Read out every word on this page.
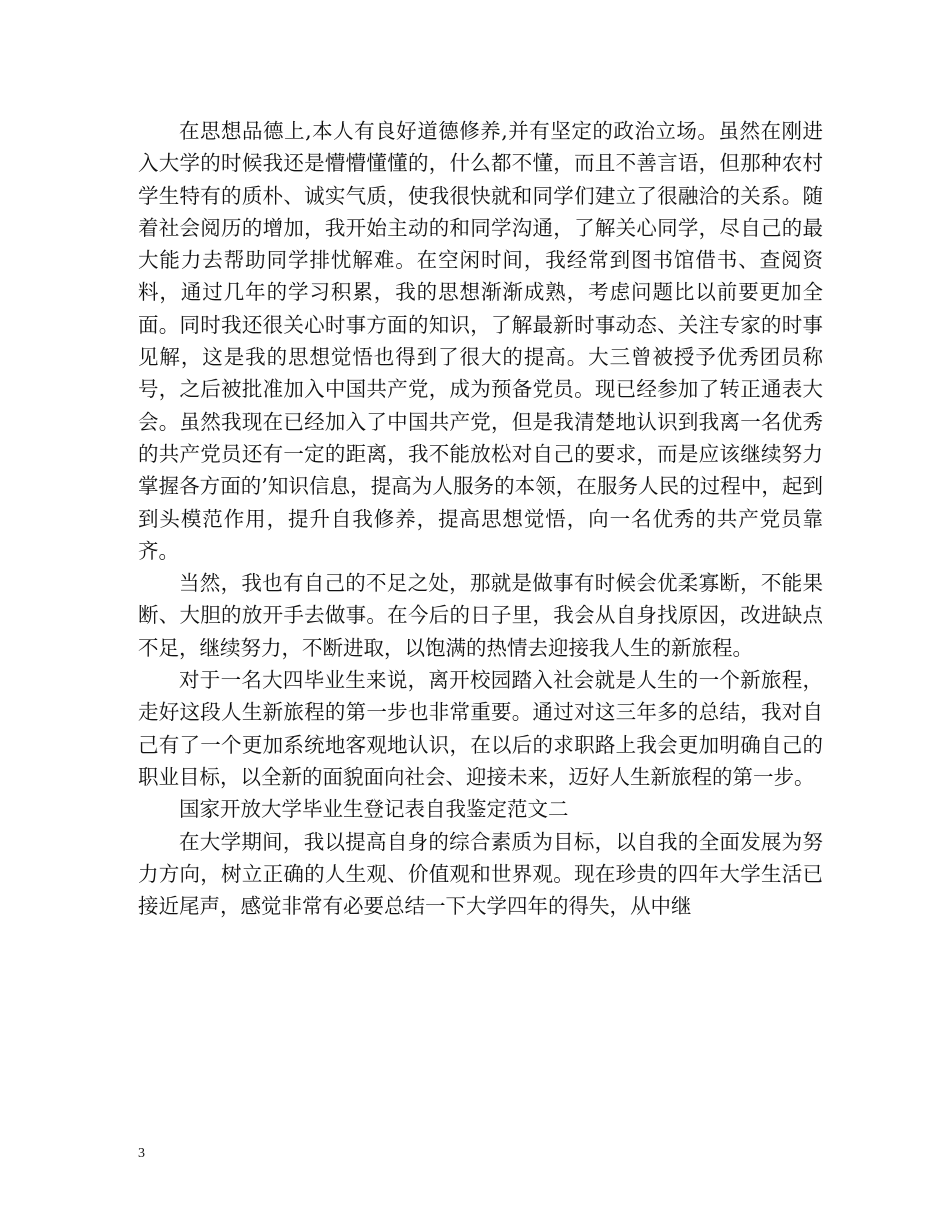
在思想品德上,本人有良好道德修养,并有坚定的政治立场。虽然在刚进入大学的时候我还是懵懵懂懂的，什么都不懂，而且不善言语，但那种农村学生特有的质朴、诚实气质，使我很快就和同学们建立了很融洽的关系。随着社会阅历的增加，我开始主动的和同学沟通，了解关心同学，尽自己的最大能力去帮助同学排忧解难。在空闲时间，我经常到图书馆借书、查阅资料，通过几年的学习积累，我的思想渐渐成熟，考虑问题比以前要更加全面。同时我还很关心时事方面的知识，了解最新时事动态、关注专家的时事见解，这是我的思想觉悟也得到了很大的提高。大三曾被授予优秀团员称号，之后被批准加入中国共产党，成为预备党员。现已经参加了转正通表大会。虽然我现在已经加入了中国共产党，但是我清楚地认识到我离一名优秀的共产党员还有一定的距离，我不能放松对自己的要求，而是应该继续努力掌握各方面的’知识信息，提高为人服务的本领，在服务人民的过程中，起到到头模范作用，提升自我修养，提高思想觉悟，向一名优秀的共产党员靠齐。

当然，我也有自己的不足之处，那就是做事有时候会优柔寡断，不能果断、大胆的放开手去做事。在今后的日子里，我会从自身找原因，改进缺点不足，继续努力，不断进取，以饱满的热情去迎接我人生的新旅程。

对于一名大四毕业生来说，离开校园踏入社会就是人生的一个新旅程，走好这段人生新旅程的第一步也非常重要。通过对这三年多的总结，我对自己有了一个更加系统地客观地认识，在以后的求职路上我会更加明确自己的职业目标，以全新的面貌面向社会、迎接未来，迈好人生新旅程的第一步。

国家开放大学毕业生登记表自我鉴定范文二

在大学期间，我以提高自身的综合素质为目标，以自我的全面发展为努力方向，树立正确的人生观、价值观和世界观。现在珍贵的四年大学生活已接近尾声，感觉非常有必要总结一下大学四年的得失，从中继

3
